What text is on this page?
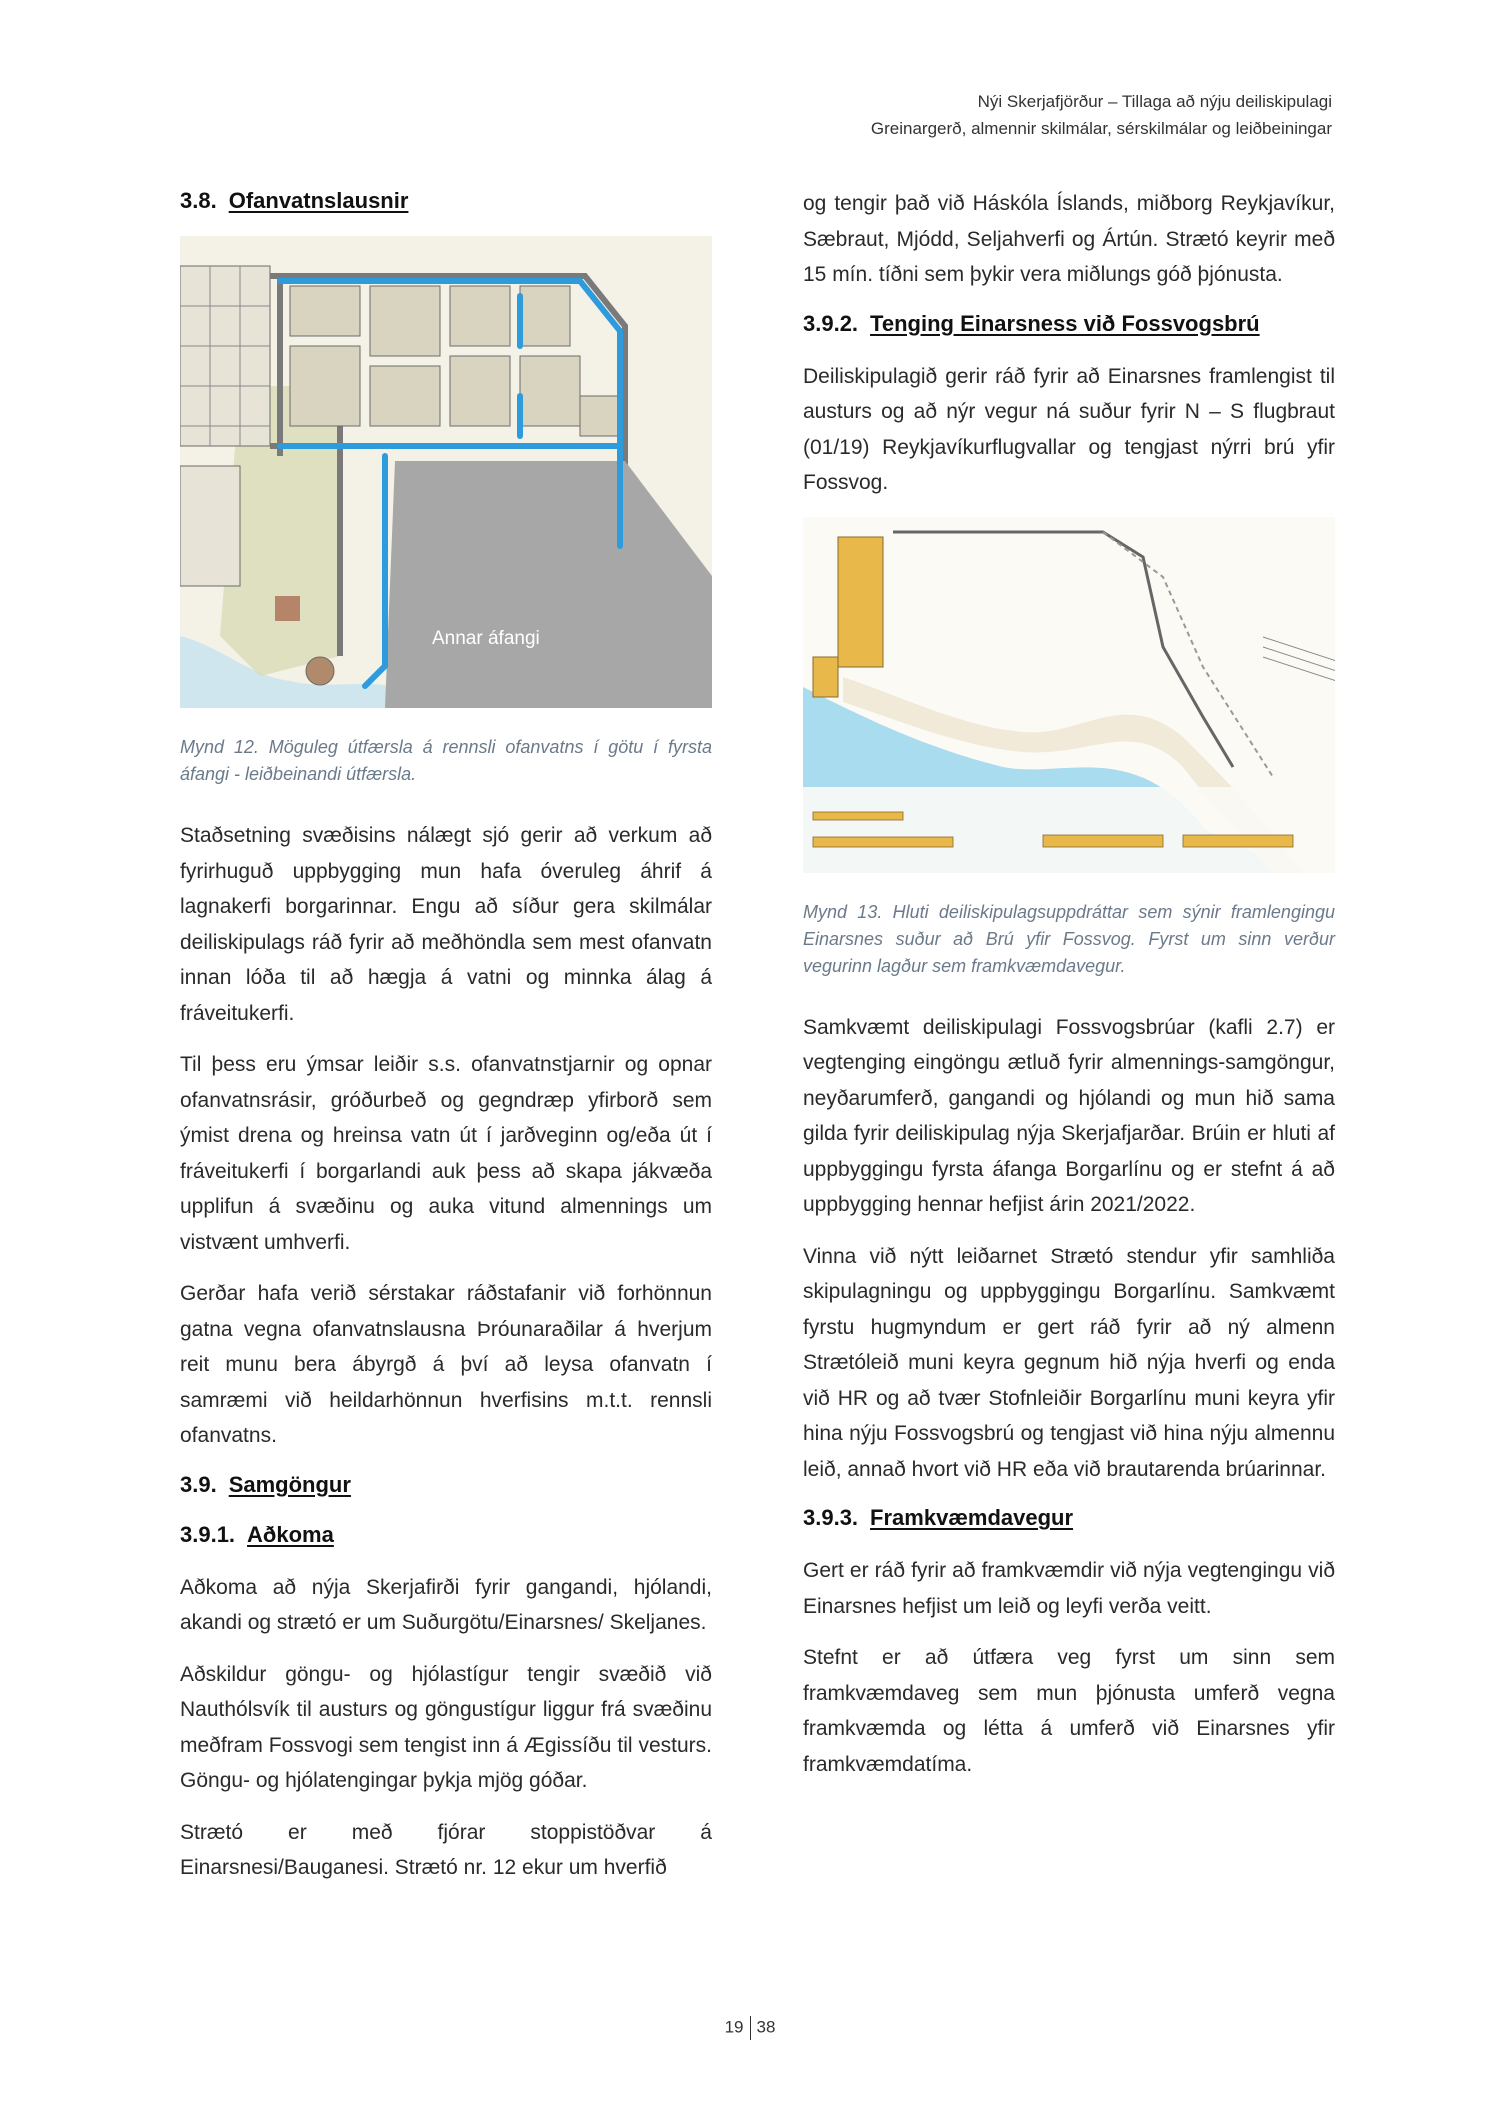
Nýi Skerjafjörður – Tillaga að nýju deiliskipulagi
Greinargerð, almennir skilmálar, sérskilmálar og leiðbeiningar
3.8. Ofanvatnslausnir
Annar áfangi

Mynd 12. Möguleg útfærsla á rennsli ofanvatns í götu í fyrsta áfangi - leiðbeinandi útfærsla.

Staðsetning svæðisins nálægt sjó gerir að verkum að fyrirhuguð uppbygging mun hafa óveruleg áhrif á lagnakerfi borgarinnar. Engu að síður gera skilmálar deiliskipulags ráð fyrir að meðhöndla sem mest ofanvatn innan lóða til að hægja á vatni og minnka álag á fráveitukerfi.

Til þess eru ýmsar leiðir s.s. ofanvatnstjarnir og opnar ofanvatnsrásir, gróðurbeð og gegndræp yfirborð sem ýmist drena og hreinsa vatn út í jarðveginn og/eða út í fráveitukerfi í borgarlandi auk þess að skapa jákvæða upplifun á svæðinu og auka vitund almennings um vistvænt umhverfi.

Gerðar hafa verið sérstakar ráðstafanir við forhönnun gatna vegna ofanvatnslausna Þróunaraðilar á hverjum reit munu bera ábyrgð á því að leysa ofanvatn í samræmi við heildarhönnun hverfisins m.t.t. rennsli ofanvatns.

3.9. Samgöngur
3.9.1. Aðkoma

Aðkoma að nýja Skerjafirði fyrir gangandi, hjólandi, akandi og strætó er um Suðurgötu/Einarsnes/ Skeljanes.

Aðskildur göngu- og hjólastígur tengir svæðið við Nauthólsvík til austurs og göngustígur liggur frá svæðinu meðfram Fossvogi sem tengist inn á Ægissíðu til vesturs. Göngu- og hjólatengingar þykja mjög góðar.

Strætó er með fjórar stoppistöðvar á Einarsnesi/Bauganesi. Strætó nr. 12 ekur um hverfið

og tengir það við Háskóla Íslands, miðborg Reykjavíkur, Sæbraut, Mjódd, Seljahverfi og Ártún. Strætó keyrir með 15 mín. tíðni sem þykir vera miðlungs góð þjónusta.

3.9.2. Tenging Einarsness við Fossvogsbrú

Deiliskipulagið gerir ráð fyrir að Einarsnes framlengist til austurs og að nýr vegur ná suður fyrir N – S flugbraut (01/19) Reykjavíkurflugvallar og tengjast nýrri brú yfir Fossvog.

Mynd 13. Hluti deiliskipulagsuppdráttar sem sýnir framlengingu Einarsnes suður að Brú yfir Fossvog. Fyrst um sinn verður vegurinn lagður sem framkvæmdavegur.

Samkvæmt deiliskipulagi Fossvogsbrúar (kafli 2.7) er vegtenging eingöngu ætluð fyrir almennings-samgöngur, neyðarumferð, gangandi og hjólandi og mun hið sama gilda fyrir deiliskipulag nýja Skerjafjarðar. Brúin er hluti af uppbyggingu fyrsta áfanga Borgarlínu og er stefnt á að uppbygging hennar hefjist árin 2021/2022.

Vinna við nýtt leiðarnet Strætó stendur yfir samhliða skipulagningu og uppbyggingu Borgarlínu. Samkvæmt fyrstu hugmyndum er gert ráð fyrir að ný almenn Strætóleið muni keyra gegnum hið nýja hverfi og enda við HR og að tvær Stofnleiðir Borgarlínu muni keyra yfir hina nýju Fossvogsbrú og tengjast við hina nýju almennu leið, annað hvort við HR eða við brautarenda brúarinnar.

3.9.3. Framkvæmdavegur

Gert er ráð fyrir að framkvæmdir við nýja vegtengingu við Einarsnes hefjist um leið og leyfi verða veitt.

Stefnt er að útfæra veg fyrst um sinn sem framkvæmdaveg sem mun þjónusta umferð vegna framkvæmda og létta á umferð við Einarsnes yfir framkvæmdatíma.

19 38
